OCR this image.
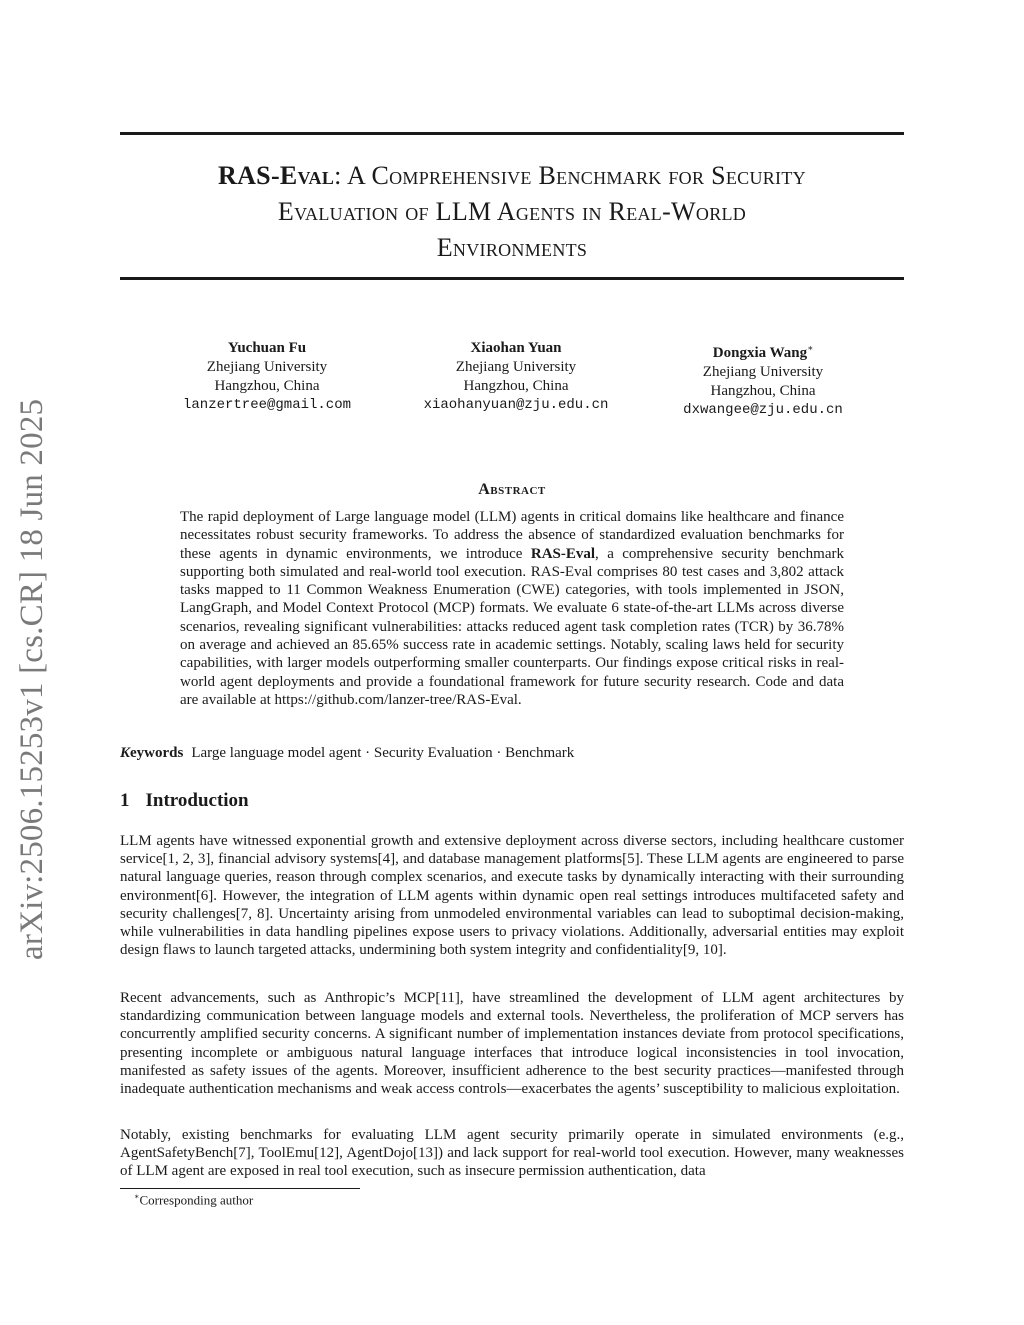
arXiv:2506.15253v1 [cs.CR] 18 Jun 2025
RAS-Eval: A Comprehensive Benchmark for Security
Evaluation of LLM Agents in Real-World
Environments
Yuchuan Fu
Zhejiang University
Hangzhou, China
lanzertree@gmail.com
Xiaohan Yuan
Zhejiang University
Hangzhou, China
xiaohanyuan@zju.edu.cn
Dongxia Wang∗
Zhejiang University
Hangzhou, China
dxwangee@zju.edu.cn
Abstract
The rapid deployment of Large language model (LLM) agents in critical domains like healthcare and finance necessitates robust security frameworks. To address the absence of standardized evaluation benchmarks for these agents in dynamic environments, we introduce RAS-Eval, a comprehensive security benchmark supporting both simulated and real-world tool execution. RAS-Eval comprises 80 test cases and 3,802 attack tasks mapped to 11 Common Weakness Enumeration (CWE) categories, with tools implemented in JSON, LangGraph, and Model Context Protocol (MCP) formats. We evaluate 6 state-of-the-art LLMs across diverse scenarios, revealing significant vulnerabilities: attacks reduced agent task completion rates (TCR) by 36.78% on average and achieved an 85.65% success rate in academic settings. Notably, scaling laws held for security capabilities, with larger models outperforming smaller counterparts. Our findings expose critical risks in real-world agent deployments and provide a foundational framework for future security research. Code and data are available at https://github.com/lanzer-tree/RAS-Eval.
Keywords Large language model agent · Security Evaluation · Benchmark
1 Introduction
LLM agents have witnessed exponential growth and extensive deployment across diverse sectors, including healthcare customer service[1, 2, 3], financial advisory systems[4], and database management platforms[5]. These LLM agents are engineered to parse natural language queries, reason through complex scenarios, and execute tasks by dynamically interacting with their surrounding environment[6]. However, the integration of LLM agents within dynamic open real settings introduces multifaceted safety and security challenges[7, 8]. Uncertainty arising from unmodeled environmental variables can lead to suboptimal decision-making, while vulnerabilities in data handling pipelines expose users to privacy violations. Additionally, adversarial entities may exploit design flaws to launch targeted attacks, undermining both system integrity and confidentiality[9, 10].
Recent advancements, such as Anthropic’s MCP[11], have streamlined the development of LLM agent architectures by standardizing communication between language models and external tools. Nevertheless, the proliferation of MCP servers has concurrently amplified security concerns. A significant number of implementation instances deviate from protocol specifications, presenting incomplete or ambiguous natural language interfaces that introduce logical inconsistencies in tool invocation, manifested as safety issues of the agents. Moreover, insufficient adherence to the best security practices—manifested through inadequate authentication mechanisms and weak access controls—exacerbates the agents’ susceptibility to malicious exploitation.
Notably, existing benchmarks for evaluating LLM agent security primarily operate in simulated environments (e.g., AgentSafetyBench[7], ToolEmu[12], AgentDojo[13]) and lack support for real-world tool execution. However, many weaknesses of LLM agent are exposed in real tool execution, such as insecure permission authentication, data
∗Corresponding author
